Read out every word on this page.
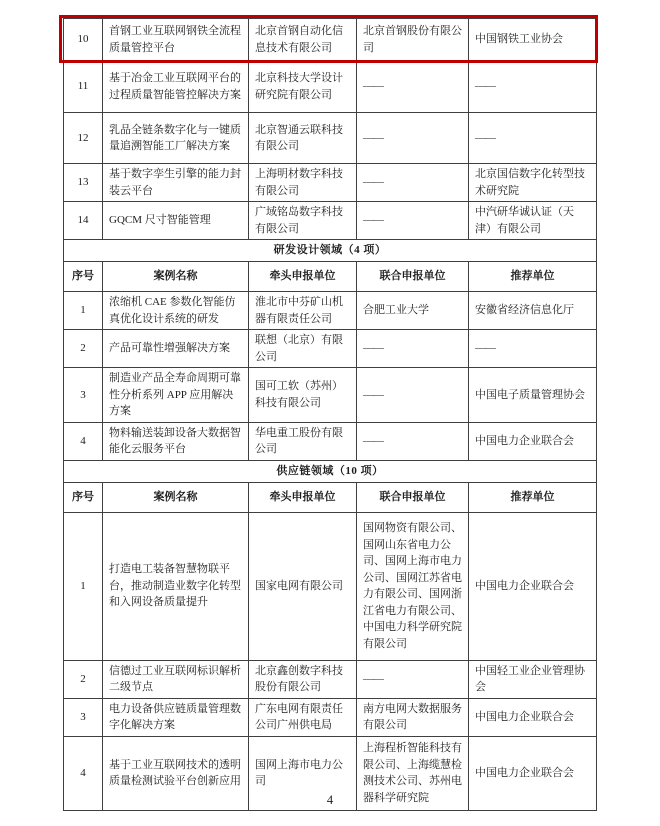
10	首钢工业互联网钢铁全流程质量管控平台	北京首钢自动化信息技术有限公司	北京首钢股份有限公司	中国钢铁工业协会
11	基于冶金工业互联网平台的过程质量智能管控解决方案	北京科技大学设计研究院有限公司	——	——
12	乳品全链条数字化与一键质量追溯智能工厂解决方案	北京智通云联科技有限公司	——	——
13	基于数字孪生引擎的能力封装云平台	上海明材数字科技有限公司	——	北京国信数字化转型技术研究院
14	GQCM 尺寸智能管理	广域铭岛数字科技有限公司	——	中汽研华诚认证（天津）有限公司
研发设计领域（4 项）				
序号	案例名称	牵头申报单位	联合申报单位	推荐单位
1	浓缩机 CAE 参数化智能仿真优化设计系统的研发	淮北市中芬矿山机器有限责任公司	合肥工业大学	安徽省经济信息化厅
2	产品可靠性增强解决方案	联想（北京）有限公司	——	——
3	制造业产品全寿命周期可靠性分析系列 APP 应用解决方案	国可工软（苏州）科技有限公司	——	中国电子质量管理协会
4	物料输送装卸设备大数据智能化云服务平台	华电重工股份有限公司	——	中国电力企业联合会
供应链领域（10 项）				
序号	案例名称	牵头申报单位	联合申报单位	推荐单位
1	打造电工装备智慧物联平台，推动制造业数字化转型和入网设备质量提升	国家电网有限公司	国网物资有限公司、国网山东省电力公司、国网上海市电力公司、国网江苏省电力有限公司、国网浙江省电力有限公司、中国电力科学研究院有限公司	中国电力企业联合会
2	信德过工业互联网标识解析二级节点	北京鑫创数字科技股份有限公司	——	中国轻工业企业管理协会
3	电力设备供应链质量管理数字化解决方案	广东电网有限责任公司广州供电局	南方电网大数据服务有限公司	中国电力企业联合会
4	基于工业互联网技术的透明质量检测试验平台创新应用	国网上海市电力公司	上海程析智能科技有限公司、上海缆慧检测技术公司、苏州电器科学研究院	中国电力企业联合会
4
